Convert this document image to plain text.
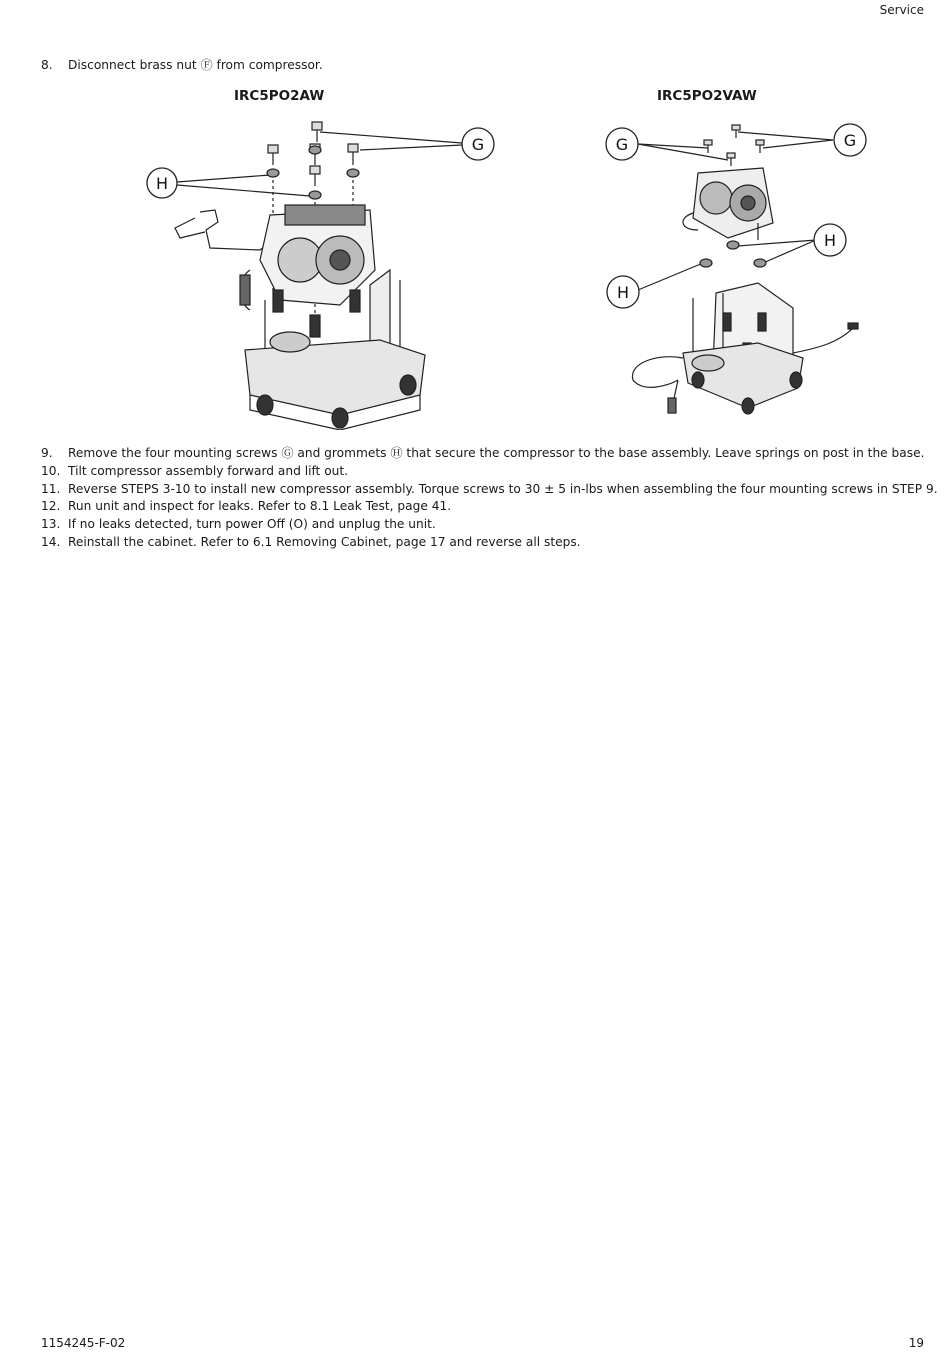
Service
8. Disconnect brass nut Ⓕ from compressor.
IRC5PO2AW	IRC5PO2VAW
H
G	G	G
H
H
9. Remove the four mounting screws Ⓖ and grommets Ⓗ that secure the compressor to the base assembly. Leave springs on post in the base.
10. Tilt compressor assembly forward and lift out.
11. Reverse STEPS 3-10 to install new compressor assembly. Torque screws to 30 ± 5 in-lbs when assembling the four mounting screws in STEP 9.
12. Run unit and inspect for leaks. Refer to 8.1 Leak Test, page 41.
13. If no leaks detected, turn power Off (O) and unplug the unit.
14. Reinstall the cabinet. Refer to 6.1 Removing Cabinet, page 17 and reverse all steps.
1154245-F-02	19
